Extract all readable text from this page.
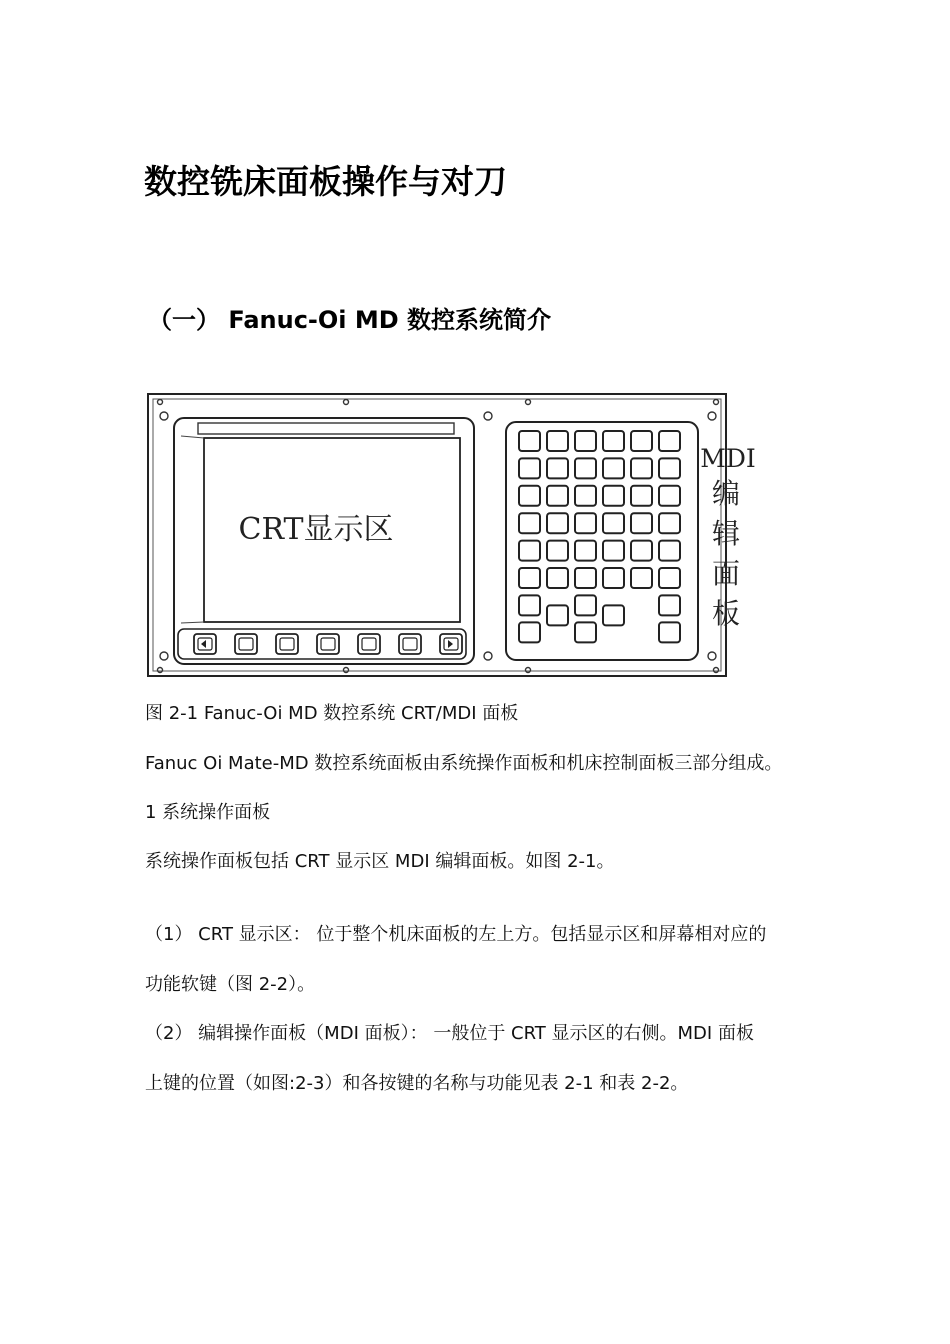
数控铣床面板操作与对刀
（一） Fanuc-Oi MD 数控系统简介
CRT显示区
MDI
编
辑
面
板

图 2-1 Fanuc-Oi MD 数控系统 CRT/MDI 面板

Fanuc Oi Mate-MD 数控系统面板由系统操作面板和机床控制面板三部分组成。

1 系统操作面板

系统操作面板包括 CRT 显示区 MDI 编辑面板。如图 2-1。

（1） CRT 显示区： 位于整个机床面板的左上方。包括显示区和屏幕相对应的

功能软键（图 2-2）。

（2） 编辑操作面板（MDI 面板）： 一般位于 CRT 显示区的右侧。MDI 面板

上键的位置（如图:2-3）和各按键的名称与功能见表 2-1 和表 2-2。
